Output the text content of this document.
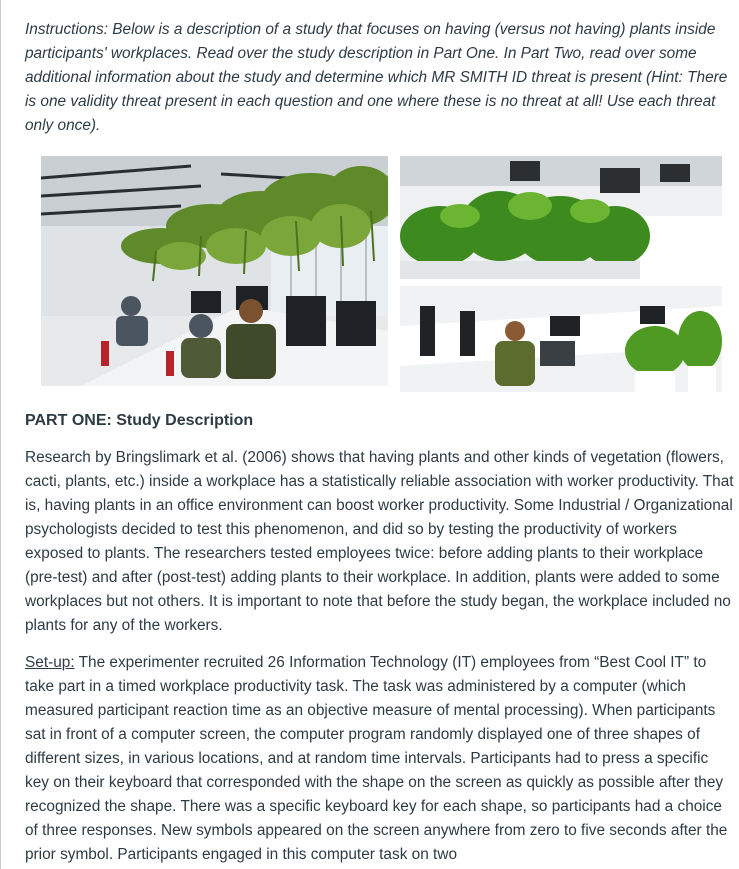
Instructions: Below is a description of a study that focuses on having (versus not having) plants inside participants' workplaces. Read over the study description in Part One. In Part Two, read over some additional information about the study and determine which MR SMITH ID threat is present (Hint: There is one validity threat present in each question and one where these is no threat at all! Use each threat only once).

PART ONE: Study Description

Research by Bringslimark et al. (2006) shows that having plants and other kinds of vegetation (flowers, cacti, plants, etc.) inside a workplace has a statistically reliable association with worker productivity. That is, having plants in an office environment can boost worker productivity. Some Industrial / Organizational psychologists decided to test this phenomenon, and did so by testing the productivity of workers exposed to plants. The researchers tested employees twice: before adding plants to their workplace (pre-test) and after (post-test) adding plants to their workplace. In addition, plants were added to some workplaces but not others. It is important to note that before the study began, the workplace included no plants for any of the workers.

Set-up: The experimenter recruited 26 Information Technology (IT) employees from “Best Cool IT” to take part in a timed workplace productivity task. The task was administered by a computer (which measured participant reaction time as an objective measure of mental processing). When participants sat in front of a computer screen, the computer program randomly displayed one of three shapes of different sizes, in various locations, and at random time intervals. Participants had to press a specific key on their keyboard that corresponded with the shape on the screen as quickly as possible after they recognized the shape. There was a specific keyboard key for each shape, so participants had a choice of three responses. New symbols appeared on the screen anywhere from zero to five seconds after the prior symbol. Participants engaged in this computer task on two
